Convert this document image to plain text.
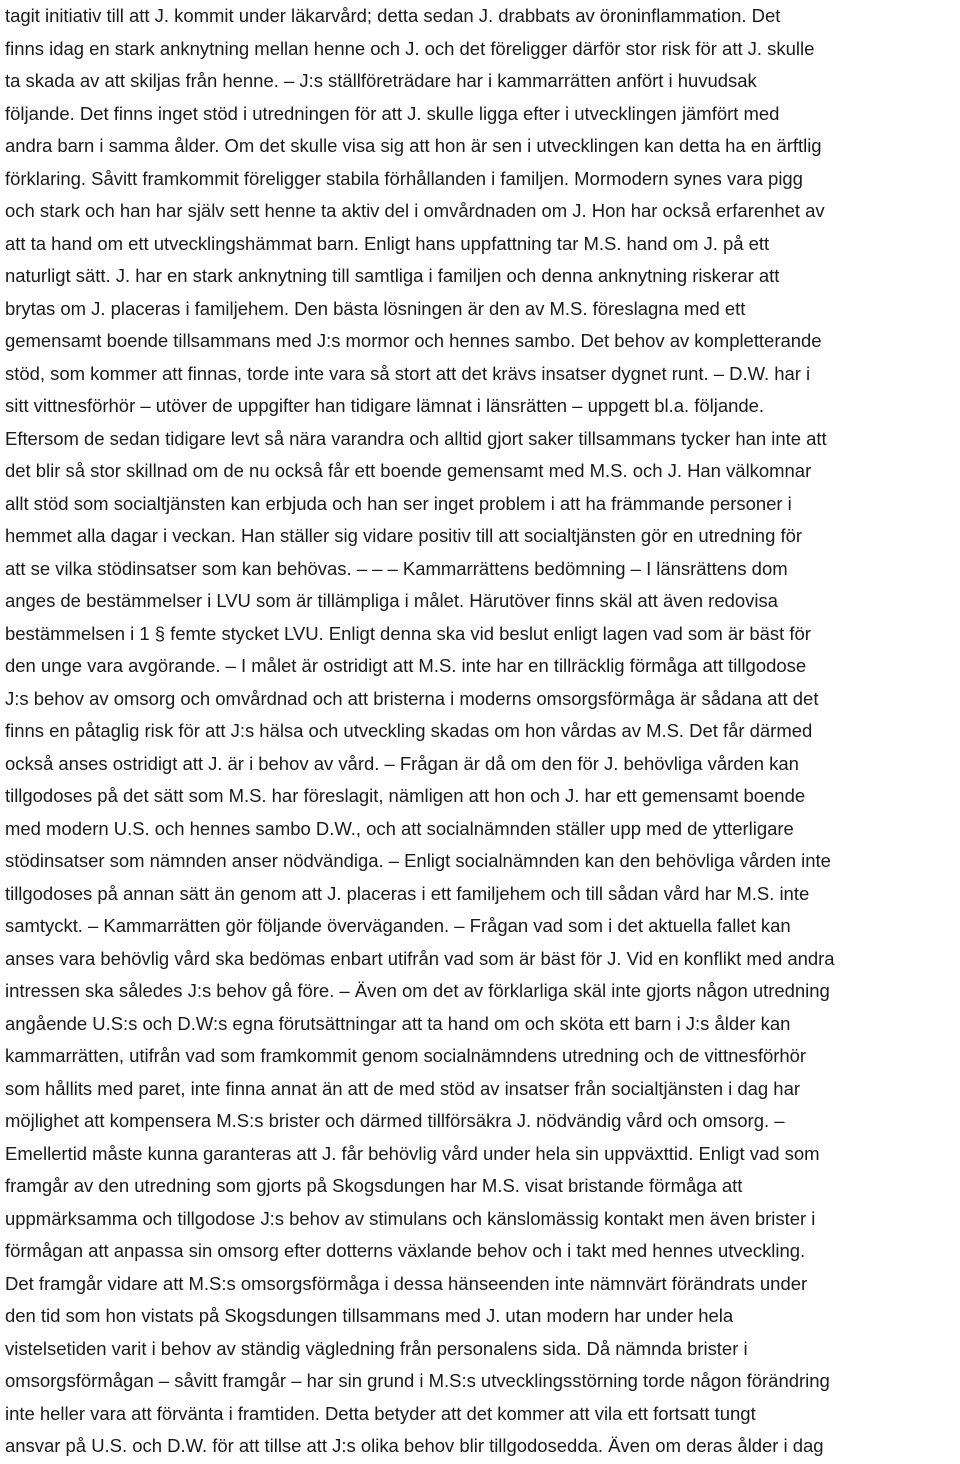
tagit initiativ till att J. kommit under läkarvård; detta sedan J. drabbats av öroninflammation. Det
finns idag en stark anknytning mellan henne och J. och det föreligger därför stor risk för att J. skulle
ta skada av att skiljas från henne. – J:s ställföreträdare har i kammarrätten anfört i huvudsak
följande. Det finns inget stöd i utredningen för att J. skulle ligga efter i utvecklingen jämfört med
andra barn i samma ålder. Om det skulle visa sig att hon är sen i utvecklingen kan detta ha en ärftlig
förklaring. Såvitt framkommit föreligger stabila förhållanden i familjen. Mormodern synes vara pigg
och stark och han har själv sett henne ta aktiv del i omvårdnaden om J. Hon har också erfarenhet av
att ta hand om ett utvecklingshämmat barn. Enligt hans uppfattning tar M.S. hand om J. på ett
naturligt sätt. J. har en stark anknytning till samtliga i familjen och denna anknytning riskerar att
brytas om J. placeras i familjehem. Den bästa lösningen är den av M.S. föreslagna med ett
gemensamt boende tillsammans med J:s mormor och hennes sambo. Det behov av kompletterande
stöd, som kommer att finnas, torde inte vara så stort att det krävs insatser dygnet runt. – D.W. har i
sitt vittnesförhör – utöver de uppgifter han tidigare lämnat i länsrätten – uppgett bl.a. följande.
Eftersom de sedan tidigare levt så nära varandra och alltid gjort saker tillsammans tycker han inte att
det blir så stor skillnad om de nu också får ett boende gemensamt med M.S. och J. Han välkomnar
allt stöd som socialtjänsten kan erbjuda och han ser inget problem i att ha främmande personer i
hemmet alla dagar i veckan. Han ställer sig vidare positiv till att socialtjänsten gör en utredning för
att se vilka stödinsatser som kan behövas. – – – Kammarrättens bedömning – I länsrättens dom
anges de bestämmelser i LVU som är tillämpliga i målet. Härutöver finns skäl att även redovisa
bestämmelsen i 1 § femte stycket LVU. Enligt denna ska vid beslut enligt lagen vad som är bäst för
den unge vara avgörande. – I målet är ostridigt att M.S. inte har en tillräcklig förmåga att tillgodose
J:s behov av omsorg och omvårdnad och att bristerna i moderns omsorgsförmåga är sådana att det
finns en påtaglig risk för att J:s hälsa och utveckling skadas om hon vårdas av M.S. Det får därmed
också anses ostridigt att J. är i behov av vård. – Frågan är då om den för J. behövliga vården kan
tillgodoses på det sätt som M.S. har föreslagit, nämligen att hon och J. har ett gemensamt boende
med modern U.S. och hennes sambo D.W., och att socialnämnden ställer upp med de ytterligare
stödinsatser som nämnden anser nödvändiga. – Enligt socialnämnden kan den behövliga vården inte
tillgodoses på annan sätt än genom att J. placeras i ett familjehem och till sådan vård har M.S. inte
samtyckt. – Kammarrätten gör följande överväganden. – Frågan vad som i det aktuella fallet kan
anses vara behövlig vård ska bedömas enbart utifrån vad som är bäst för J. Vid en konflikt med andra
intressen ska således J:s behov gå före. – Även om det av förklarliga skäl inte gjorts någon utredning
angående U.S:s och D.W:s egna förutsättningar att ta hand om och sköta ett barn i J:s ålder kan
kammarrätten, utifrån vad som framkommit genom socialnämndens utredning och de vittnesförhör
som hållits med paret, inte finna annat än att de med stöd av insatser från socialtjänsten i dag har
möjlighet att kompensera M.S:s brister och därmed tillförsäkra J. nödvändig vård och omsorg. –
Emellertid måste kunna garanteras att J. får behövlig vård under hela sin uppväxttid. Enligt vad som
framgår av den utredning som gjorts på Skogsdungen har M.S. visat bristande förmåga att
uppmärksamma och tillgodose J:s behov av stimulans och känslomässig kontakt men även brister i
förmågan att anpassa sin omsorg efter dotterns växlande behov och i takt med hennes utveckling.
Det framgår vidare att M.S:s omsorgsförmåga i dessa hänseenden inte nämnvärt förändrats under
den tid som hon vistats på Skogsdungen tillsammans med J. utan modern har under hela
vistelsetiden varit i behov av ständig vägledning från personalens sida. Då nämnda brister i
omsorgsförmågan – såvitt framgår – har sin grund i M.S:s utvecklingsstörning torde någon förändring
inte heller vara att förvänta i framtiden. Detta betyder att det kommer att vila ett fortsatt tungt
ansvar på U.S. och D.W. för att tillse att J:s olika behov blir tillgodosedda. Även om deras ålder i dag
